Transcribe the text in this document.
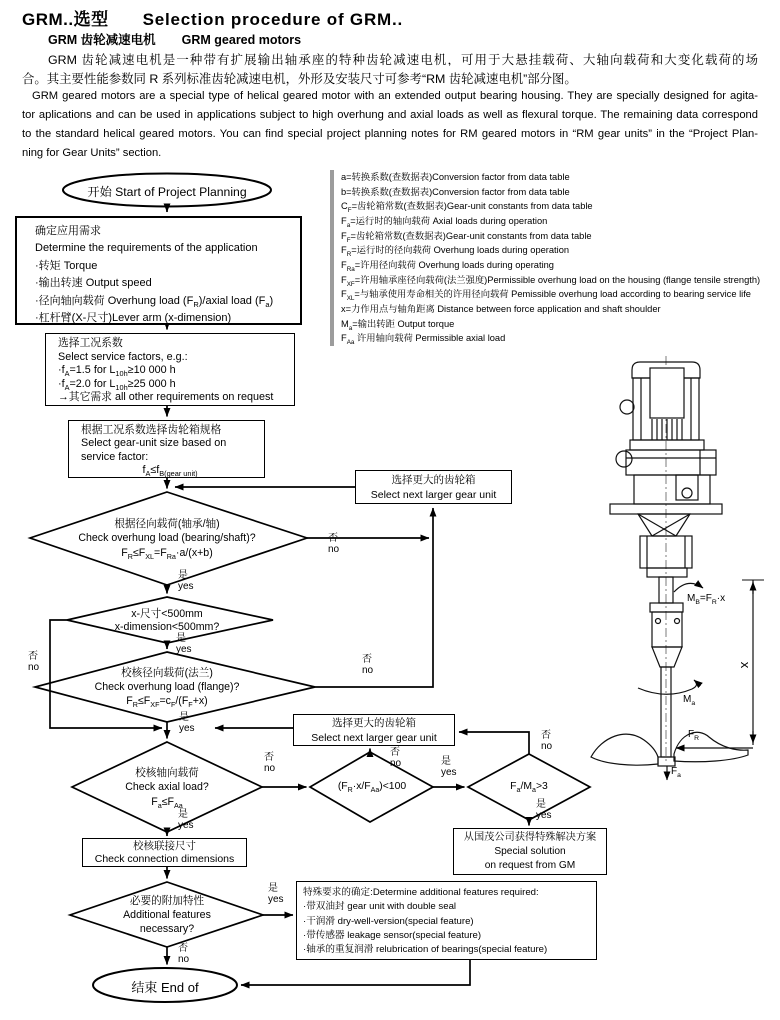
GRM..选型 Selection procedure of GRM..
GRM 齿轮减速电机 GRM geared motors
GRM 齿轮减速电机是一种带有扩展输出轴承座的特种齿轮减速电机，可用于大悬挂载荷、大轴向载荷和大变化载荷的场
合。其主要性能参数同 R 系列标准齿轮减速电机，外形及安装尺寸可参考“RM 齿轮减速电机”部分图。
GRM geared motors are a special type of helical geared motor with an extended output bearing housing. They are specially designed for agita-
tor aplications and can be used in applications subject to high overhung and axial loads as well as flexural torque. The remaining data correspond
to the standard helical geared motors. You can find special project planning notes for RM geared motors in “RM gear units” in the “Project Plan-
ning for Gear Units” section.
a=转换系数(查数据表)Conversion factor from data table
b=转换系数(查数据表)Conversion factor from data table
$C_F=$齿轮箱常数(查数据表)Gear-unit constants from data table
$F_a=$运行时的轴向载荷 Axial loads during operation
$F_F=$齿轮箱常数(查数据表)Gear-unit constants from data table
$F_R=$运行时的径向载荷 Overhung loads during operation
$F_{Ra}=$许用径向载荷 Overhung loads during operating
$F_{XF}=$许用轴承座径向载荷(法兰强度)Permissible overhung load on the housing (flange tensile strength)
$F_{XL}=$与轴承使用寿命相关的许用径向载荷 Pemissible overhung load according to bearing service life
x=力作用点与轴角距离 Distance between force application and shaft shoulder
$M_a=$输出转距 Output torque
$F_{Aa}$ 许用轴向载荷 Permissible axial load
x
确定应用需求
Determine the requirements of the application
·转矩 Torque
·输出转速 Output speed
·径向轴向载荷 Overhung load $(F_R)$/axial load $(F_a)$
·杠杆臂(X-尺寸)Lever arm (x-dimension)
选择工况系数
Select service factors, e.g.:
$\cdot f_A=1.5$ for $L_{10h}\ge 10$ 000 h
$\cdot f_A=2.0$ for $L_{10h}\ge 25$ 000 h
→其它需求 all other requirements on request
根据工况系数选择齿轮箱规格
Select gear-unit size based on
service factor:
$f_A\le f_{B(gear unit)}$
选择更大的齿轮箱
Select next larger gear unit
选择更大的齿轮箱
Select next larger gear unit
从国茂公司获得特殊解决方案
Special solution
on request from GM
校核联接尺寸
Check connection dimensions
特殊要求的确定:Determine additional features required:
·带双油封 gear unit with double seal
·干润滑 dry-well-version(special feature)
·带传感器 leakage sensor(special feature)
·轴承的重复润滑 relubrication of bearings(special feature)
开始 Start of Project Planning
结束 End of
根据径向载荷(轴承/轴)
Check overhung load (bearing/shaft)?
$F_R\le F_{XL}=F_{Ra}\cdot a/(x+b)$
x-尺寸<500mm
x-dimension<500mm?
校核径向载荷(法兰)
Check overhung load (flange)?
$F_R\le F_{XF}=c_F/(F_F+x)$
校核轴向载荷
Check axial load?
$F_a\le F_{Aa}$
$(F_R\cdot x/F_{Aa})<100$	$F_a/M_a>3$
必要的附加特性
Additional features
necessary?
是
yes
否
no
是
yes
否
no
否
no
是
yes
是
yes
否
no
否
no	是
yes
否
no
是
yes
是
yes
否
no
$M_B=F_R\cdot x$
$M_a$
$F_R$
$F_a$
